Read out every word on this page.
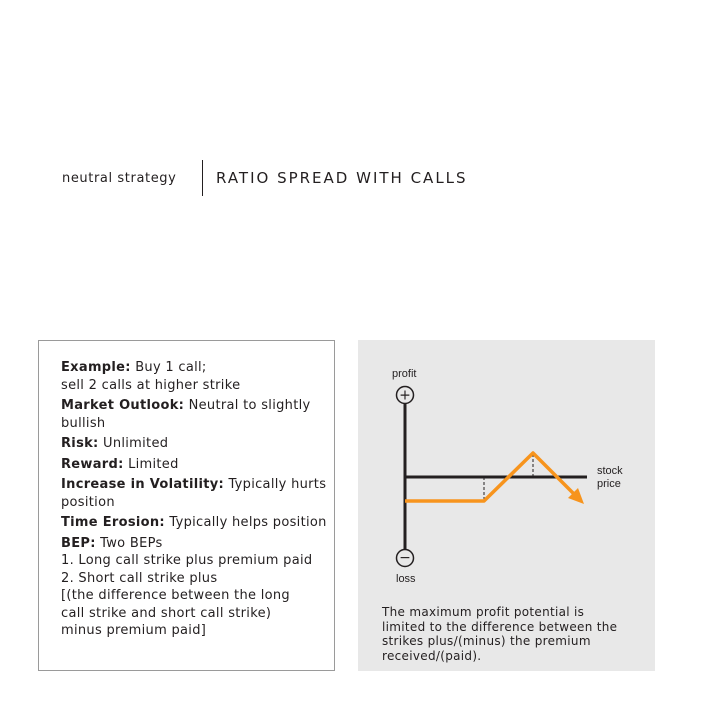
neutral strategy	RATIO SPREAD WITH CALLS
Example: Buy 1 call;
sell 2 calls at higher strike
Market Outlook: Neutral to slightly
bullish
Risk: Unlimited
Reward: Limited
Increase in Volatility: Typically hurts
position
Time Erosion: Typically helps position
BEP: Two BEPs
1. Long call strike plus premium paid
2. Short call strike plus
[(the difference between the long
call strike and short call strike)
minus premium paid]
profit
+
−
loss
stock
price
The maximum profit potential is
limited to the difference between the
strikes plus/(minus) the premium
received/(paid).
